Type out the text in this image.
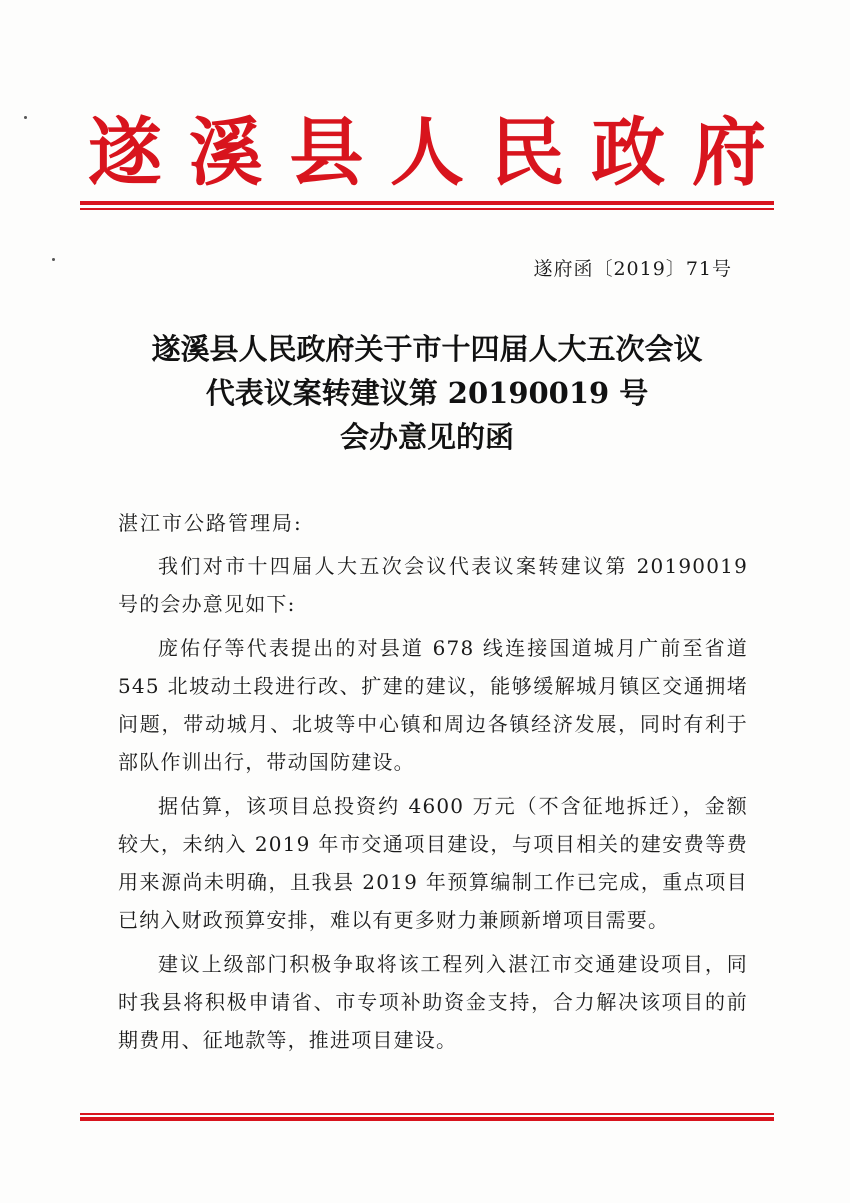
遂 溪 县 人 民 政 府
遂府函〔2019〕71号
遂溪县人民政府关于市十四届人大五次会议
代表议案转建议第 20190019 号
会办意见的函
湛江市公路管理局:

我们对市十四届人大五次会议代表议案转建议第 20190019 号的会办意见如下:

庞佑仔等代表提出的对县道 678 线连接国道城月广前至省道 545 北坡动土段进行改、扩建的建议，能够缓解城月镇区交通拥堵问题，带动城月、北坡等中心镇和周边各镇经济发展，同时有利于部队作训出行，带动国防建设。

据估算，该项目总投资约 4600 万元（不含征地拆迁），金额较大，未纳入 2019 年市交通项目建设，与项目相关的建安费等费用来源尚未明确，且我县 2019 年预算编制工作已完成，重点项目已纳入财政预算安排，难以有更多财力兼顾新增项目需要。

建议上级部门积极争取将该工程列入湛江市交通建设项目，同时我县将积极申请省、市专项补助资金支持，合力解决该项目的前期费用、征地款等，推进项目建设。
